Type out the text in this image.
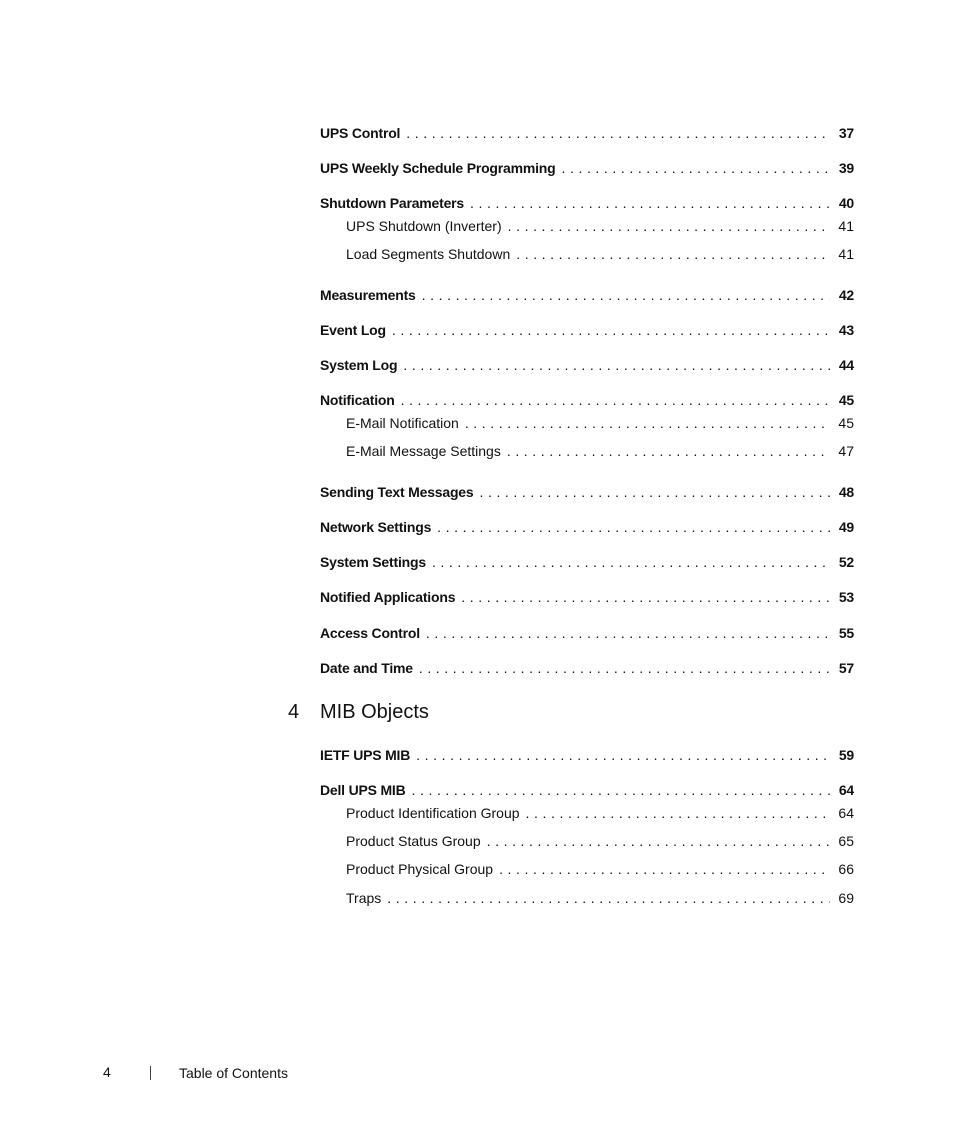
UPS Control . . .	37
UPS Weekly Schedule Programming . . .	39
Shutdown Parameters . . .	40
UPS Shutdown (Inverter) . . .	41
Load Segments Shutdown . . .	41
Measurements . . .	42
Event Log . . .	43
System Log . . .	44
Notification . . .	45
E-Mail Notification . . .	45
E-Mail Message Settings . . .	47
Sending Text Messages . . .	48
Network Settings . . .	49
System Settings . . .	52
Notified Applications . . .	53
Access Control . . .	55
Date and Time . . .	57
4 MIB Objects
IETF UPS MIB . . .	59
Dell UPS MIB . . .	64
Product Identification Group . . .	64
Product Status Group . . .	65
Product Physical Group . . .	66
Traps . . .	69
4	Table of Contents
